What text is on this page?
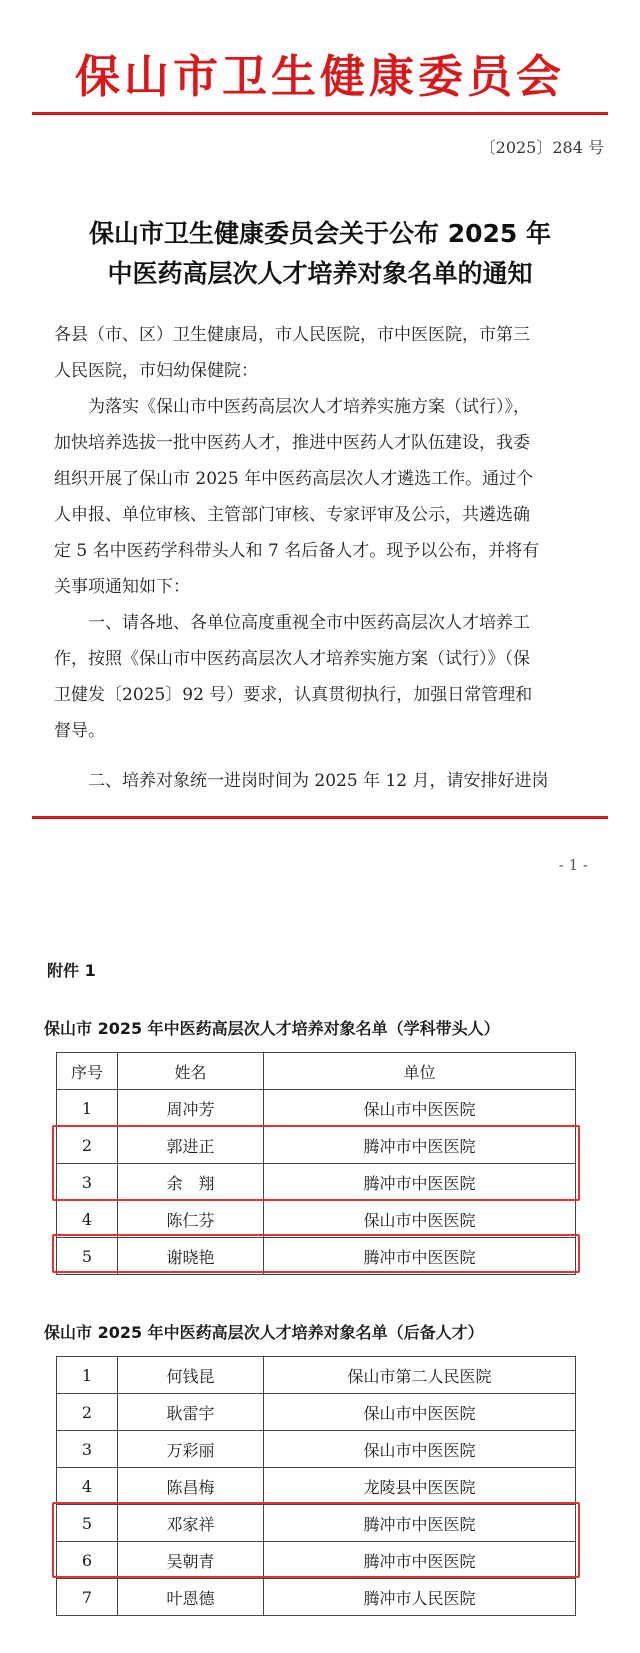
保山市卫生健康委员会
〔2025〕284 号
保山市卫生健康委员会关于公布 2025 年
中医药高层次人才培养对象名单的通知
各县（市、区）卫生健康局，市人民医院，市中医医院，市第三
人民医院，市妇幼保健院：
　　为落实《保山市中医药高层次人才培养实施方案（试行）》，
加快培养选拔一批中医药人才，推进中医药人才队伍建设，我委
组织开展了保山市 2025 年中医药高层次人才遴选工作。通过个
人申报、单位审核、主管部门审核、专家评审及公示，共遴选确
定 5 名中医药学科带头人和 7 名后备人才。现予以公布，并将有
关事项通知如下：
　　一、请各地、各单位高度重视全市中医药高层次人才培养工
作，按照《保山市中医药高层次人才培养实施方案（试行）》（保
卫健发〔2025〕92 号）要求，认真贯彻执行，加强日常管理和
督导。
　　二、培养对象统一进岗时间为 2025 年 12 月，请安排好进岗
- 1 -
附件 1
保山市 2025 年中医药高层次人才培养对象名单（学科带头人）
序号	姓名	单位
1	周冲芳	保山市中医医院
2	郭进正	腾冲市中医医院
3	余　翔	腾冲市中医医院
4	陈仁芬	保山市中医医院
5	谢晓艳	腾冲市中医医院
保山市 2025 年中医药高层次人才培养对象名单（后备人才）
1	何钱昆	保山市第二人民医院
2	耿雷宇	保山市中医医院
3	万彩丽	保山市中医医院
4	陈昌梅	龙陵县中医医院
5	邓家祥	腾冲市中医医院
6	吴朝青	腾冲市中医医院
7	叶恩德	腾冲市人民医院
